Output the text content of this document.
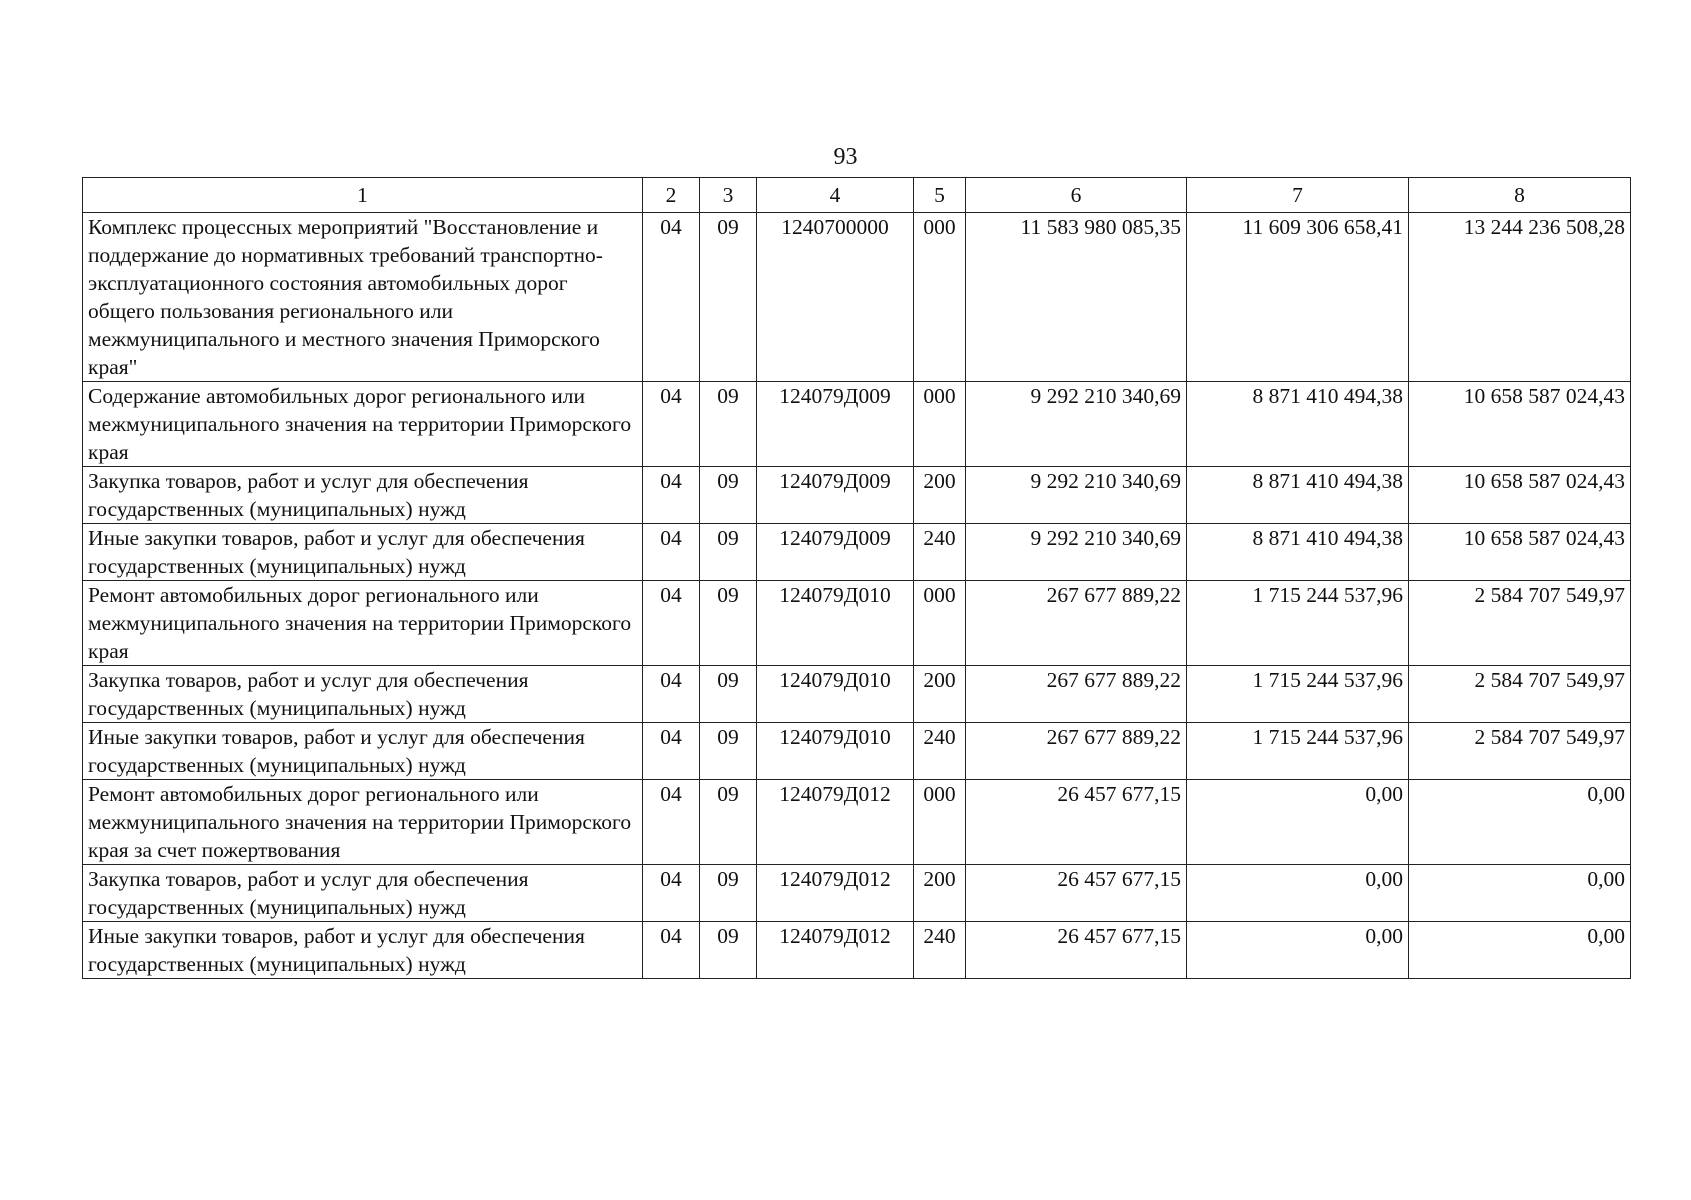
93
1	2	3	4	5	6	7	8
Комплекс процессных мероприятий "Восстановление и поддержание до нормативных требований транспортно-эксплуатационного состояния автомобильных дорог общего пользования регионального или межмуниципального и местного значения Приморского края"	04	09	1240700000	000	11 583 980 085,35	11 609 306 658,41	13 244 236 508,28
Содержание автомобильных дорог регионального или межмуниципального значения на территории Приморского края	04	09	124079Д009	000	9 292 210 340,69	8 871 410 494,38	10 658 587 024,43
Закупка товаров, работ и услуг для обеспечения государственных (муниципальных) нужд	04	09	124079Д009	200	9 292 210 340,69	8 871 410 494,38	10 658 587 024,43
Иные закупки товаров, работ и услуг для обеспечения государственных (муниципальных) нужд	04	09	124079Д009	240	9 292 210 340,69	8 871 410 494,38	10 658 587 024,43
Ремонт автомобильных дорог регионального или межмуниципального значения на территории Приморского края	04	09	124079Д010	000	267 677 889,22	1 715 244 537,96	2 584 707 549,97
Закупка товаров, работ и услуг для обеспечения государственных (муниципальных) нужд	04	09	124079Д010	200	267 677 889,22	1 715 244 537,96	2 584 707 549,97
Иные закупки товаров, работ и услуг для обеспечения государственных (муниципальных) нужд	04	09	124079Д010	240	267 677 889,22	1 715 244 537,96	2 584 707 549,97
Ремонт автомобильных дорог регионального или межмуниципального значения на территории Приморского края за счет пожертвования	04	09	124079Д012	000	26 457 677,15	0,00	0,00
Закупка товаров, работ и услуг для обеспечения государственных (муниципальных) нужд	04	09	124079Д012	200	26 457 677,15	0,00	0,00
Иные закупки товаров, работ и услуг для обеспечения государственных (муниципальных) нужд	04	09	124079Д012	240	26 457 677,15	0,00	0,00
